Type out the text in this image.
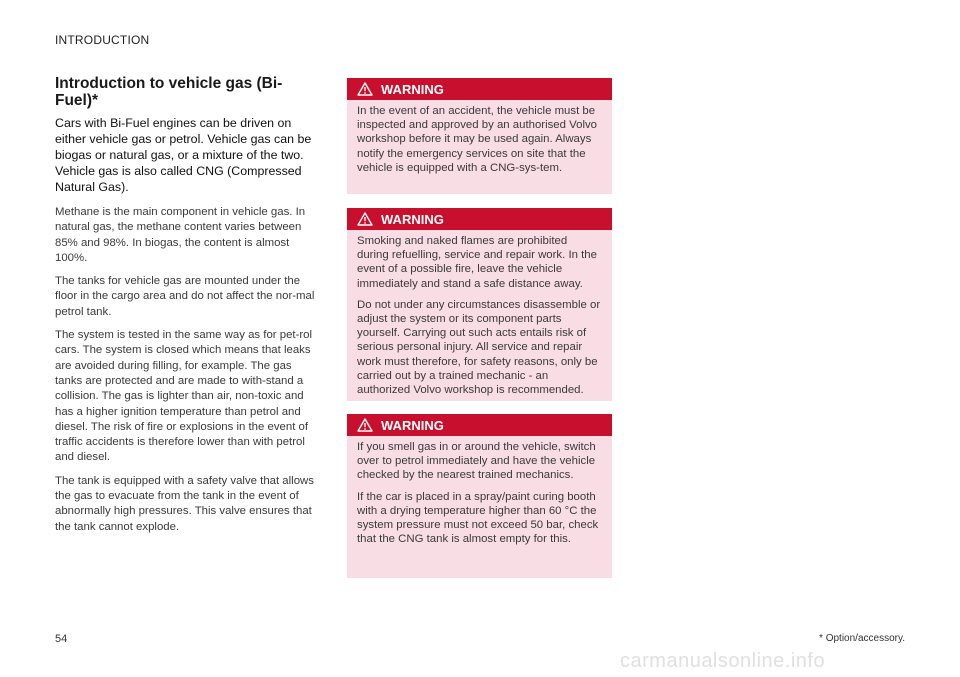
INTRODUCTION
Introduction to vehicle gas (Bi-Fuel)*

Cars with Bi-Fuel engines can be driven on either vehicle gas or petrol. Vehicle gas can be biogas or natural gas, or a mixture of the two. Vehicle gas is also called CNG (Compressed Natural Gas).

Methane is the main component in vehicle gas. In natural gas, the methane content varies between 85% and 98%. In biogas, the content is almost 100%.

The tanks for vehicle gas are mounted under the floor in the cargo area and do not affect the nor-mal petrol tank.

The system is tested in the same way as for pet-rol cars. The system is closed which means that leaks are avoided during filling, for example. The gas tanks are protected and are made to with-stand a collision. The gas is lighter than air, non-toxic and has a higher ignition temperature than petrol and diesel. The risk of fire or explosions in the event of traffic accidents is therefore lower than with petrol and diesel.

The tank is equipped with a safety valve that allows the gas to evacuate from the tank in the event of abnormally high pressures. This valve ensures that the tank cannot explode.

WARNING

In the event of an accident, the vehicle must be inspected and approved by an authorised Volvo workshop before it may be used again. Always notify the emergency services on site that the vehicle is equipped with a CNG-sys-tem.

WARNING

Smoking and naked flames are prohibited during refuelling, service and repair work. In the event of a possible fire, leave the vehicle immediately and stand a safe distance away.

Do not under any circumstances disassemble or adjust the system or its component parts yourself. Carrying out such acts entails risk of serious personal injury. All service and repair work must therefore, for safety reasons, only be carried out by a trained mechanic - an authorized Volvo workshop is recommended.

WARNING

If you smell gas in or around the vehicle, switch over to petrol immediately and have the vehicle checked by the nearest trained mechanics.

If the car is placed in a spray/paint curing booth with a drying temperature higher than 60 °C the system pressure must not exceed 50 bar, check that the CNG tank is almost empty for this.

54	* Option/accessory.
carmanualsonline.info
